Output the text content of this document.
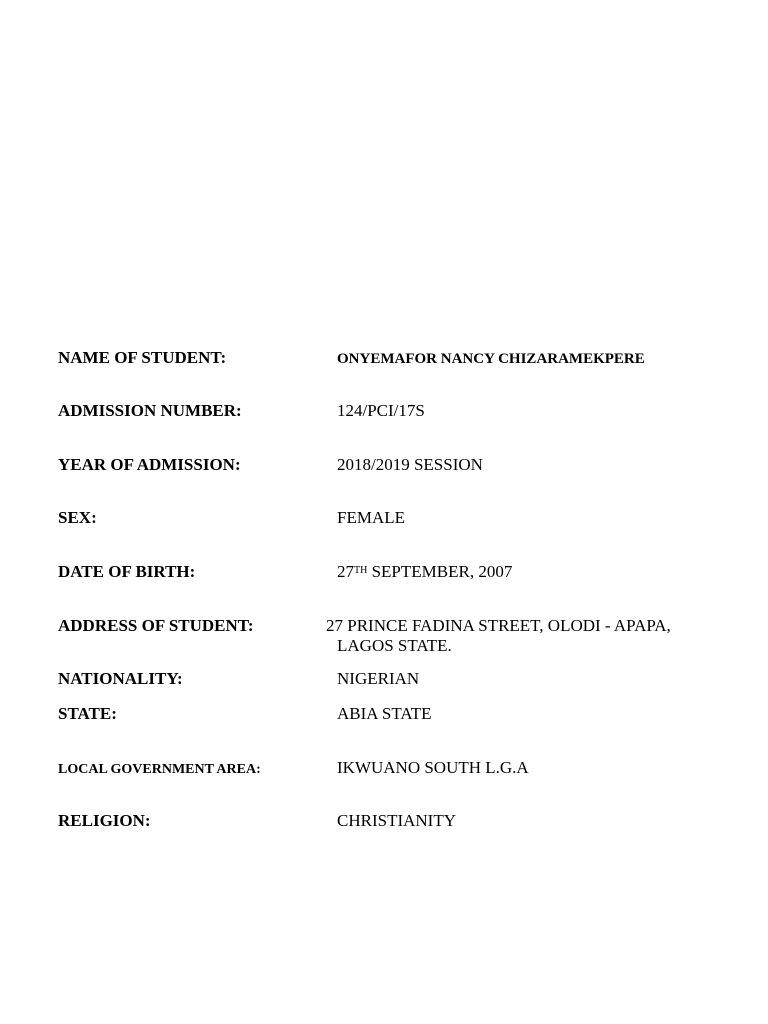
NAME OF STUDENT:	ONYEMAFOR NANCY CHIZARAMEKPERE
ADMISSION NUMBER:	124/PCI/17S
YEAR OF ADMISSION:	2018/2019 SESSION
SEX:	FEMALE
DATE OF BIRTH:	27TH SEPTEMBER, 2007
ADDRESS OF STUDENT:	27 PRINCE FADINA STREET, OLODI - APAPA,
LAGOS STATE.
NATIONALITY:	NIGERIAN
STATE:	ABIA STATE
LOCAL GOVERNMENT AREA:	IKWUANO SOUTH L.G.A
RELIGION:	CHRISTIANITY
